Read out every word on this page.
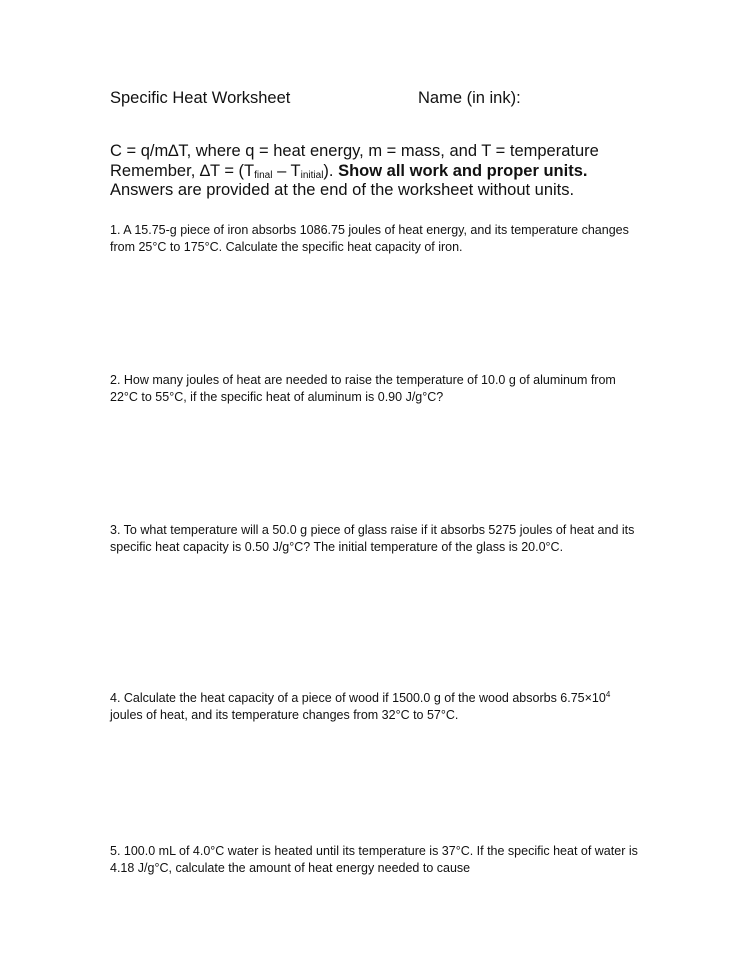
Specific Heat Worksheet	Name (in ink):
C = q/m∆T, where q = heat energy, m = mass, and T = temperature
Remember, $\Delta T = (T_{final} - T_{initial})$. Show all work and proper units.
Answers are provided at the end of the worksheet without units.
1. A 15.75-g piece of iron absorbs 1086.75 joules of heat energy, and its temperature changes from 25°C to 175°C. Calculate the specific heat capacity of iron.
2. How many joules of heat are needed to raise the temperature of 10.0 g of aluminum from 22°C to 55°C, if the specific heat of aluminum is 0.90 J/g°C?
3. To what temperature will a 50.0 g piece of glass raise if it absorbs 5275 joules of heat and its specific heat capacity is 0.50 J/g°C? The initial temperature of the glass is 20.0°C.
4. Calculate the heat capacity of a piece of wood if 1500.0 g of the wood absorbs $6.75\times 10^4$ joules of heat, and its temperature changes from 32°C to 57°C.
5. 100.0 mL of 4.0°C water is heated until its temperature is 37°C. If the specific heat of water is 4.18 J/g°C, calculate the amount of heat energy needed to cause
